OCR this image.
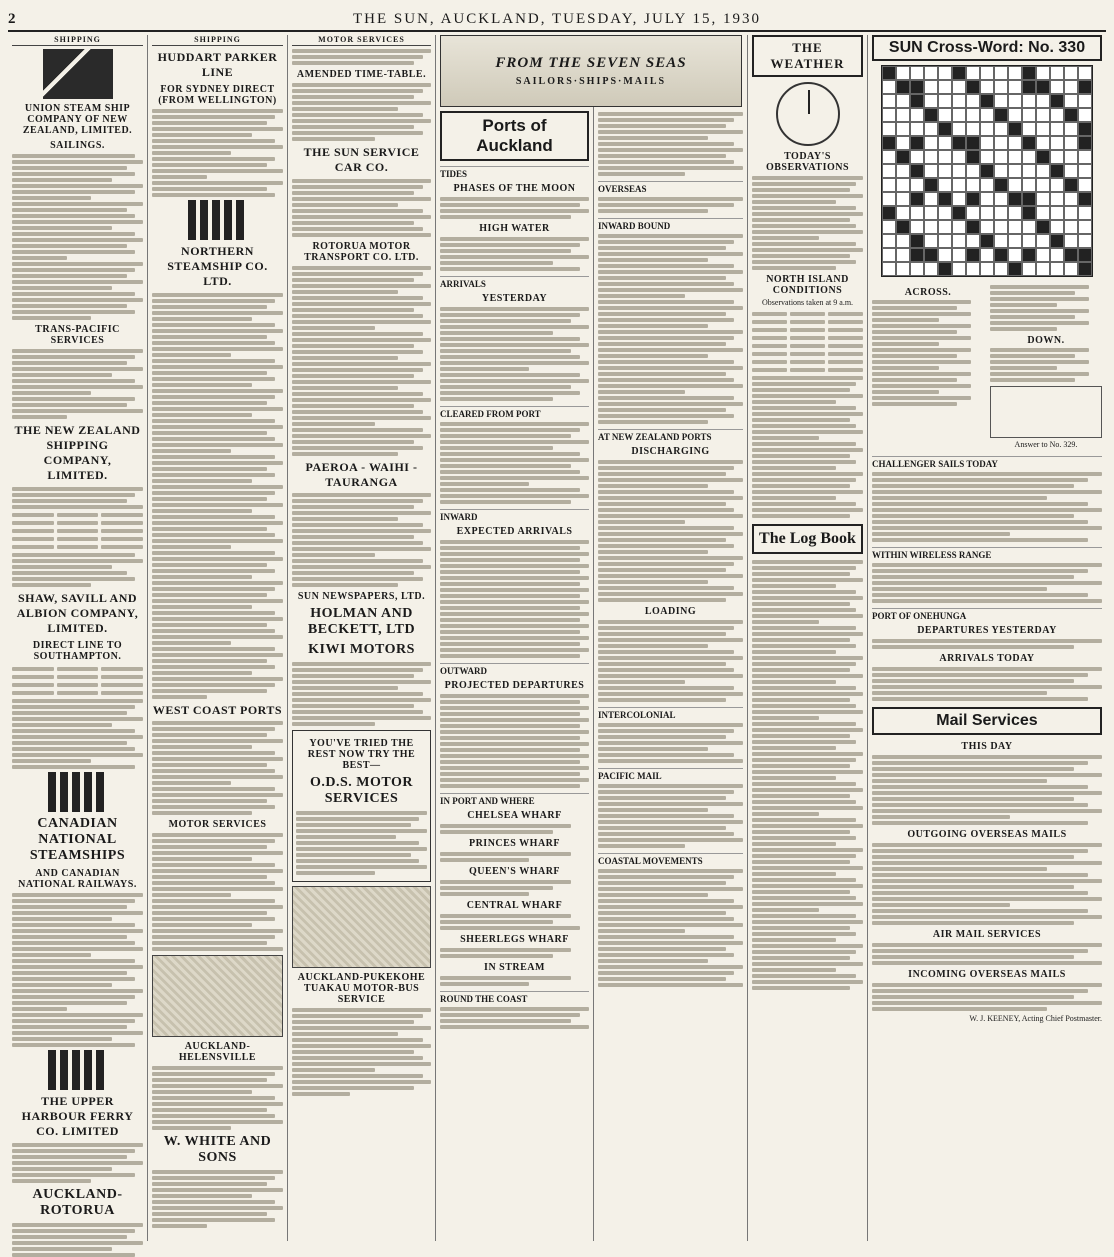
2	THE SUN, AUCKLAND, TUESDAY, JULY 15, 1930
SHIPPING
UNION STEAM SHIP COMPANY OF NEW ZEALAND, LIMITED.
SAILINGS.
TRANS-PACIFIC SERVICES
THE NEW ZEALAND SHIPPING COMPANY, LIMITED.
SHAW, SAVILL AND ALBION COMPANY, LIMITED.
DIRECT LINE TO SOUTHAMPTON.
CANADIAN NATIONAL STEAMSHIPS
AND CANADIAN NATIONAL RAILWAYS.
THE UPPER HARBOUR FERRY CO. LIMITED
AUCKLAND-ROTORUA
SHIPPING
HUDDART PARKER LINE
FOR SYDNEY DIRECT (FROM WELLINGTON)
NORTHERN STEAMSHIP CO. LTD.
WEST COAST PORTS
MOTOR SERVICES
AUCKLAND-HELENSVILLE
W. WHITE AND SONS
MOTOR SERVICES
AMENDED TIME-TABLE.
THE SUN SERVICE CAR CO.
ROTORUA MOTOR TRANSPORT CO. LTD.
PAEROA - WAIHI - TAURANGA
SUN NEWSPAPERS, LTD.
HOLMAN AND BECKETT, LTD
KIWI MOTORS
YOU'VE TRIED THE REST NOW TRY THE BEST—
O.D.S. MOTOR SERVICES
AUCKLAND-PUKEKOHE TUAKAU MOTOR-BUS SERVICE
FROM THE SEVEN SEAS
SAILORS·SHIPS·MAILS
Ports of
Auckland
TIDES
PHASES OF THE MOON
HIGH WATER
ARRIVALS
YESTERDAY
CLEARED FROM PORT
INWARD
EXPECTED ARRIVALS
OUTWARD
PROJECTED DEPARTURES
IN PORT AND WHERE
CHELSEA WHARF
PRINCES WHARF
QUEEN'S WHARF
CENTRAL WHARF
SHEERLEGS WHARF
IN STREAM
ROUND THE COAST
OVERSEAS
INWARD BOUND
AT NEW ZEALAND PORTS
DISCHARGING
LOADING
INTERCOLONIAL
PACIFIC MAIL
COASTAL MOVEMENTS
THE WEATHER
TODAY'S OBSERVATIONS
NORTH ISLAND CONDITIONS
Observations taken at 9 a.m.
The Log Book
SUN Cross-Word: No. 330
ACROSS.
DOWN.
Answer to No. 329.
CHALLENGER SAILS TODAY
WITHIN WIRELESS RANGE
PORT OF ONEHUNGA
DEPARTURES YESTERDAY
ARRIVALS TODAY
Mail Services
THIS DAY
OUTGOING OVERSEAS MAILS
AIR MAIL SERVICES
INCOMING OVERSEAS MAILS
W. J. KEENEY, Acting Chief Postmaster.
